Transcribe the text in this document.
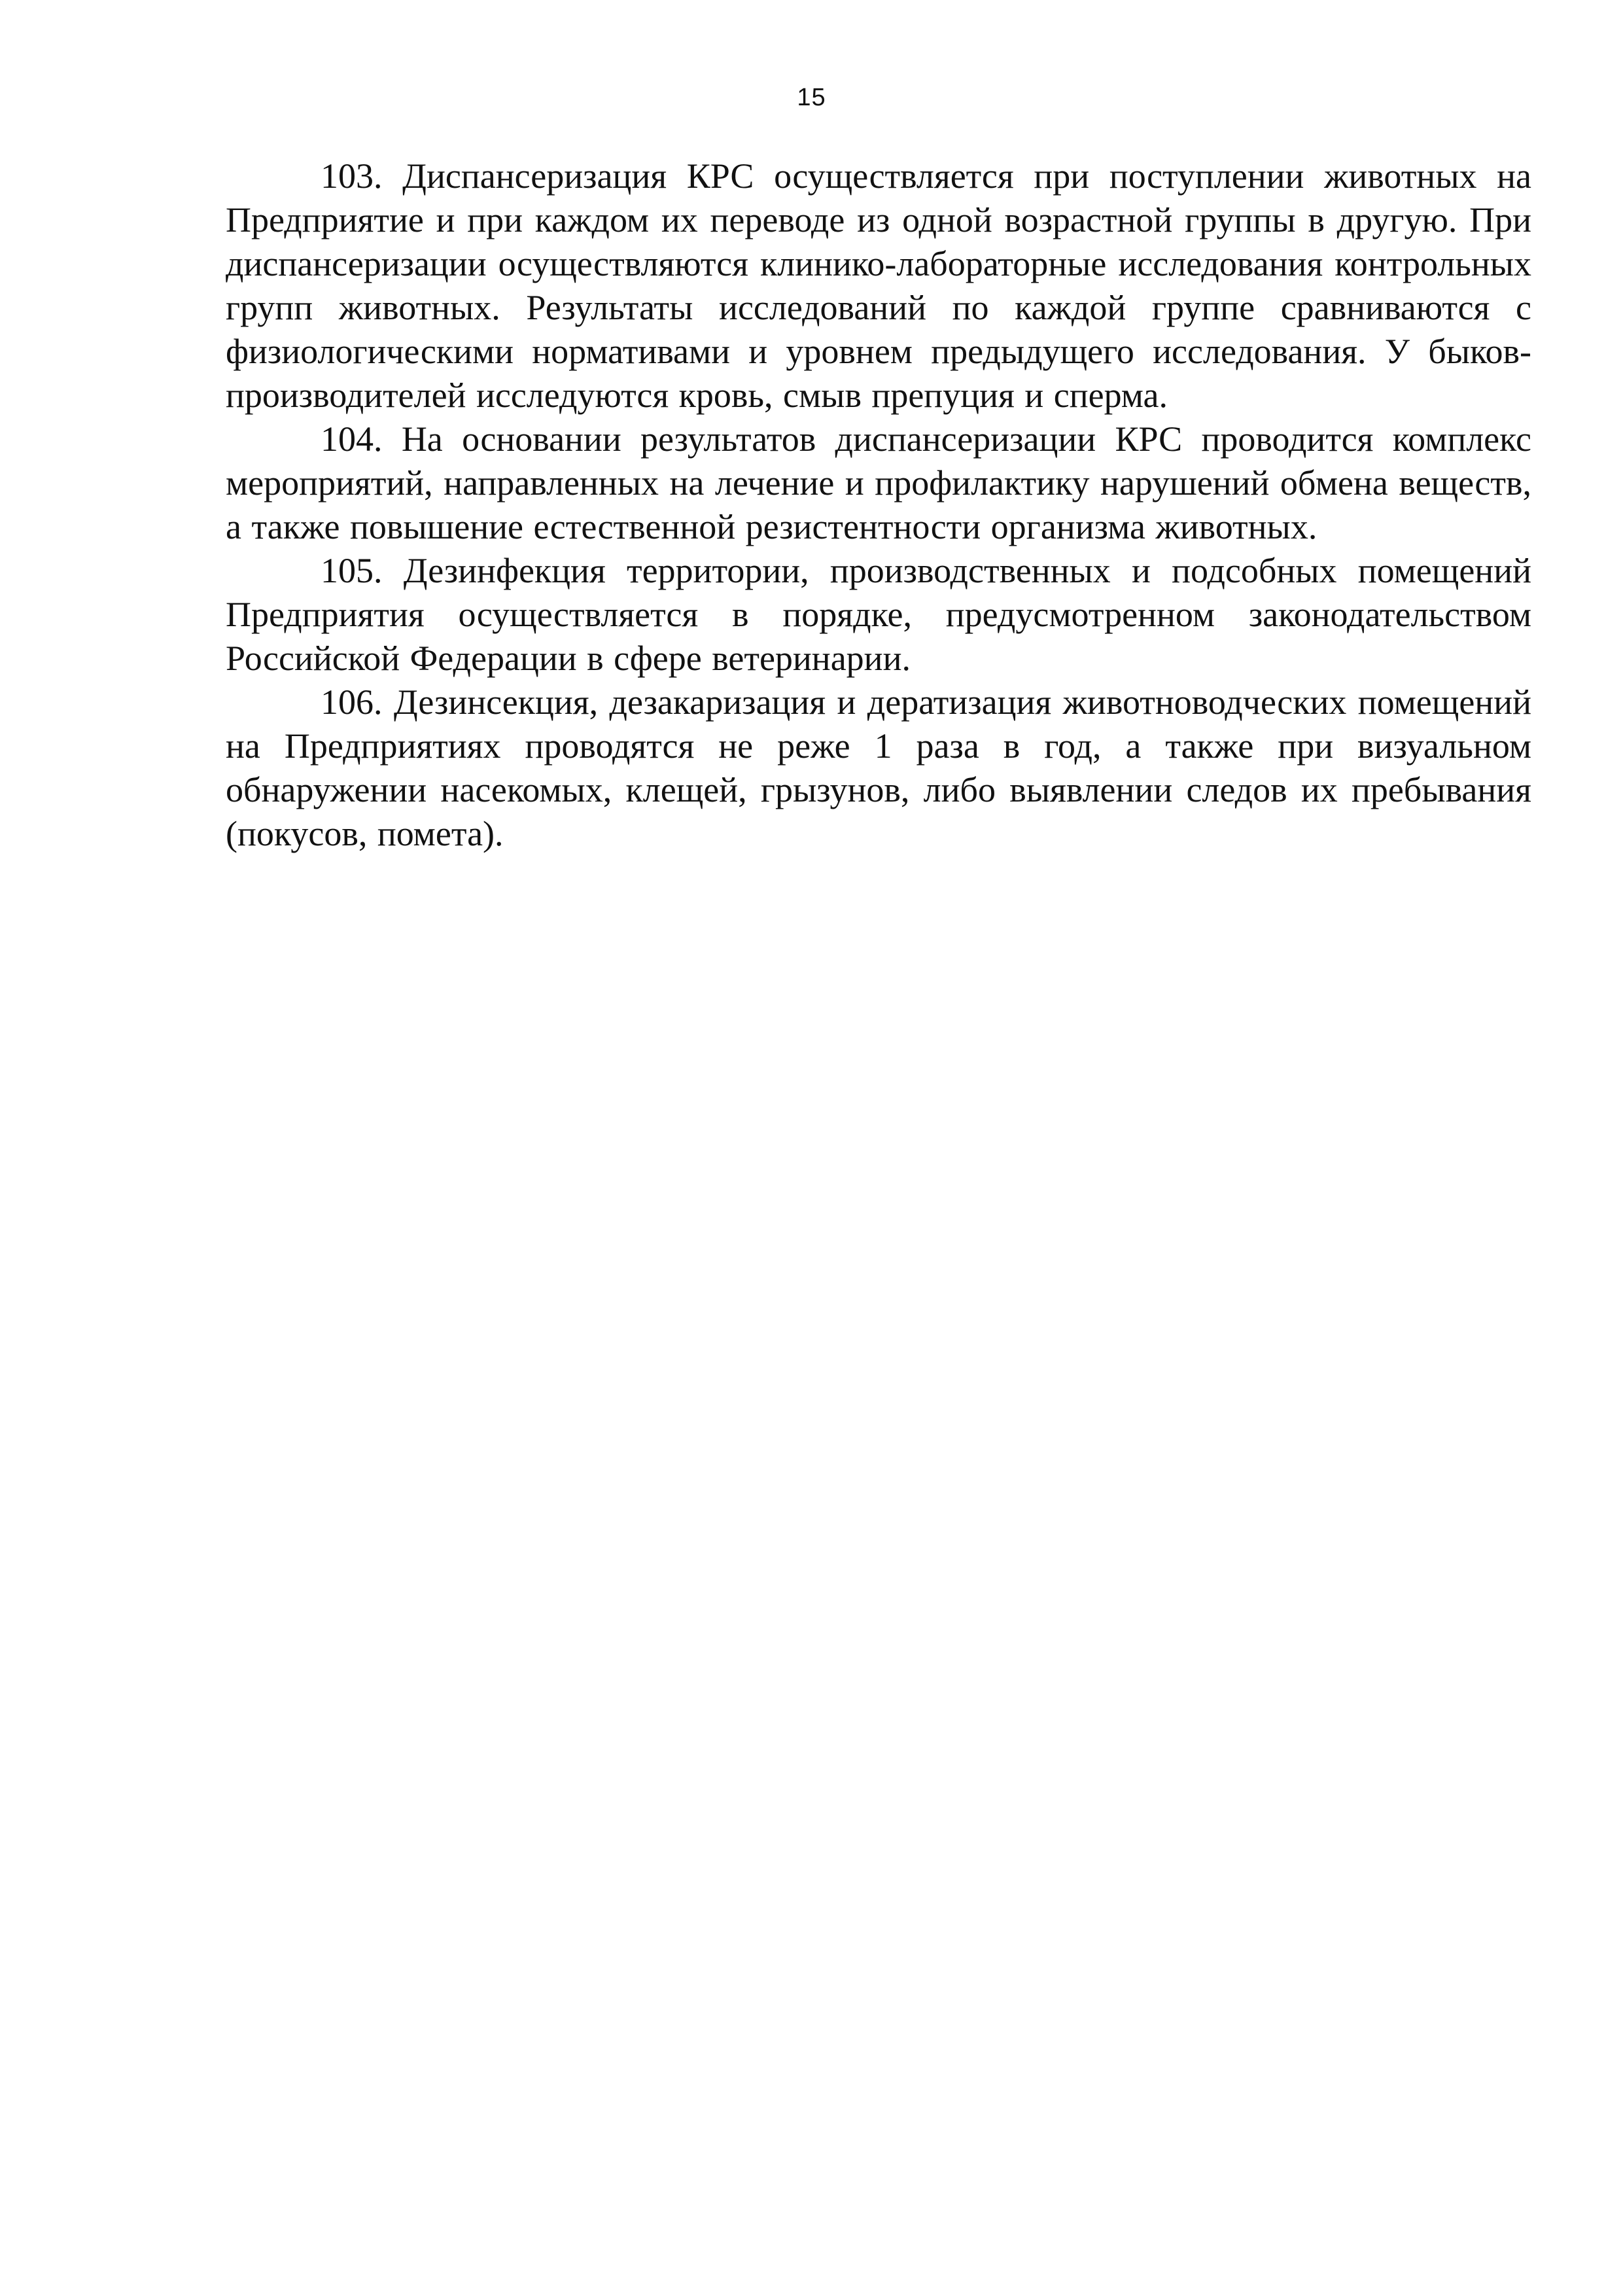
15

103. Диспансеризация КРС осуществляется при поступлении животных на Предприятие и при каждом их переводе из одной возрастной группы в другую. При диспансеризации осуществляются клинико-лабораторные исследования контрольных групп животных. Результаты исследований по каждой группе сравниваются с физиологическими нормативами и уровнем предыдущего исследования. У быков-производителей исследуются кровь, смыв препуция и сперма.

104. На основании результатов диспансеризации КРС проводится комплекс мероприятий, направленных на лечение и профилактику нарушений обмена веществ, а также повышение естественной резистентности организма животных.

105. Дезинфекция территории, производственных и подсобных помещений Предприятия осуществляется в порядке, предусмотренном законодательством Российской Федерации в сфере ветеринарии.

106. Дезинсекция, дезакаризация и дератизация животноводческих помещений на Предприятиях проводятся не реже 1 раза в год, а также при визуальном обнаружении насекомых, клещей, грызунов, либо выявлении следов их пребывания (покусов, помета).
